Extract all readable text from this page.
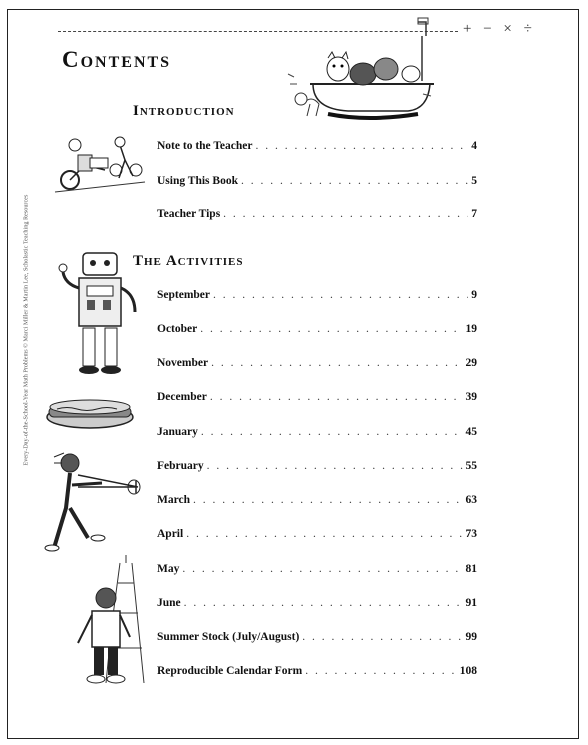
+ − × ÷
Contents
Introduction
The Activities
Note to the Teacher . . .	4
Using This Book . . .	5
Teacher Tips . . .	7
September . . .	9
October . . .	19
November . . .	29
December . . .	39
January . . .	45
February . . .	55
March . . .	63
April . . .	73
May . . .	81
June . . .	91
Summer Stock (July/August) . . .	99
Reproducible Calendar Form . . .	108
Every-Day-of-the-School-Year Math Problems © Marci Miller & Martin Lee, Scholastic Teaching Resources
